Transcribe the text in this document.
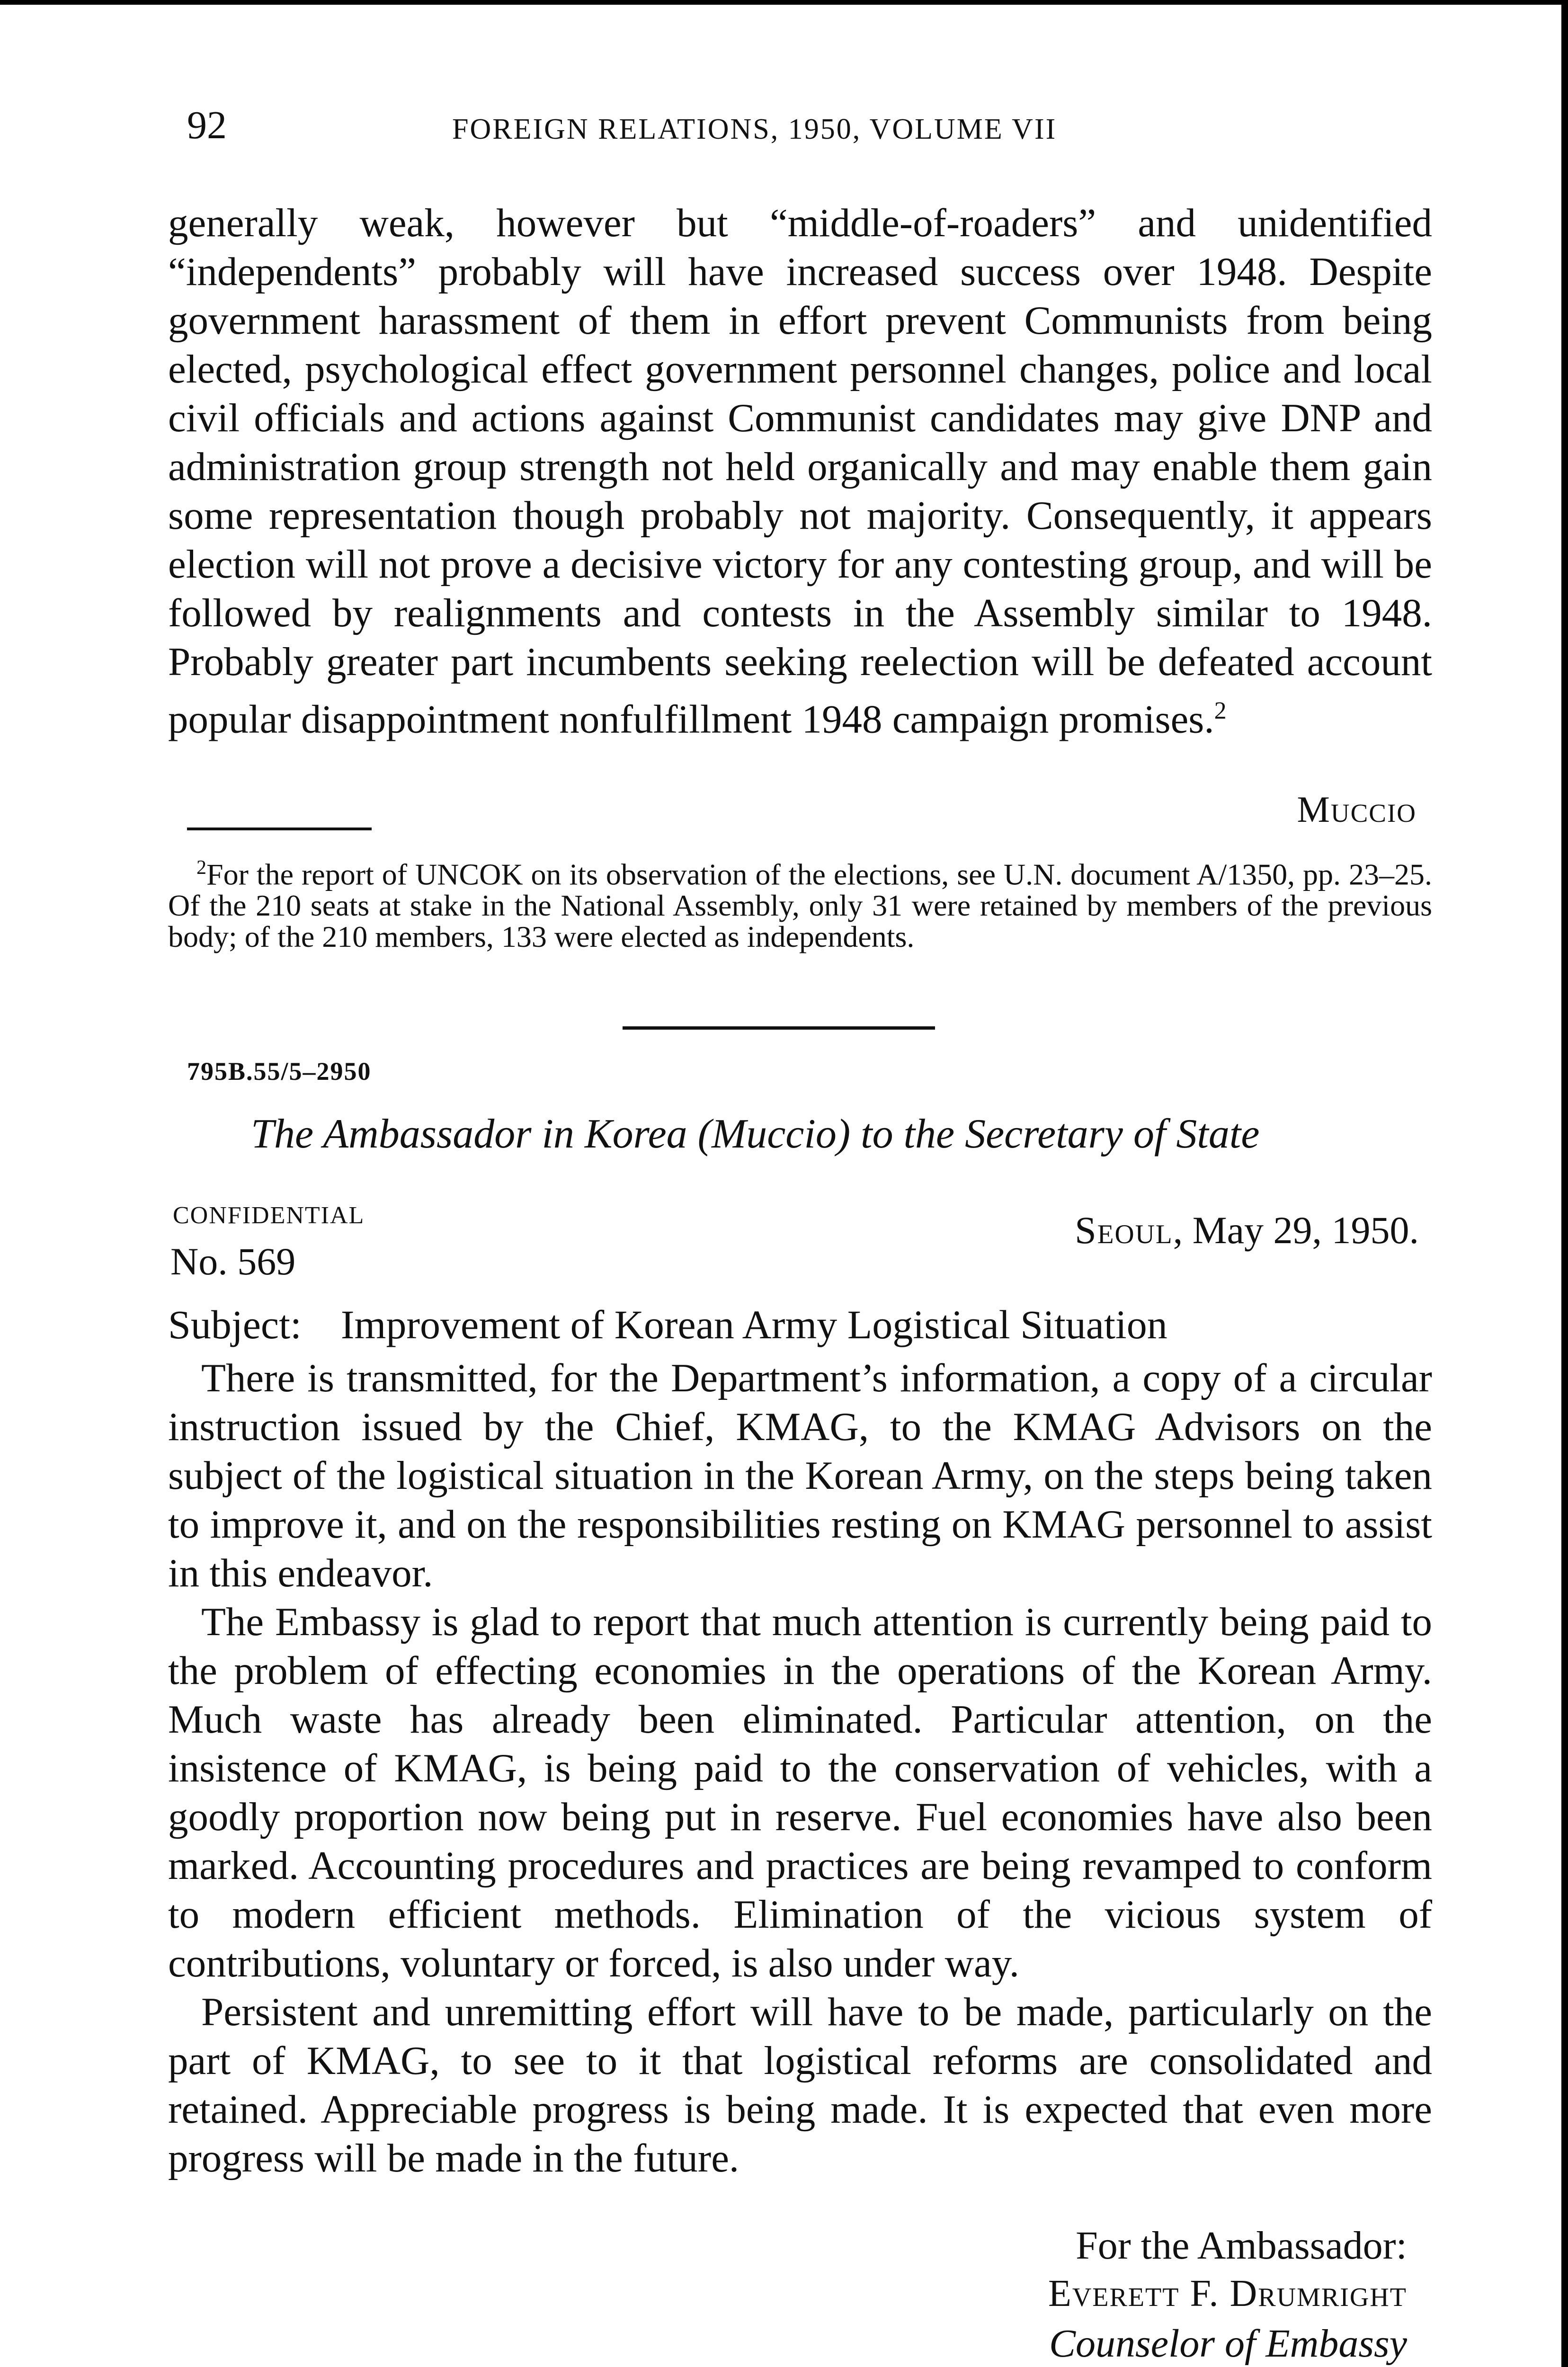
92	FOREIGN RELATIONS, 1950, VOLUME VII

generally weak, however but “middle-of-roaders” and unidentified “independents” probably will have increased success over 1948. Despite government harassment of them in effort prevent Communists from being elected, psychological effect government personnel changes, police and local civil officials and actions against Communist candidates may give DNP and administration group strength not held organically and may enable them gain some representation though probably not majority. Consequently, it appears election will not prove a decisive victory for any contesting group, and will be followed by realignments and contests in the Assembly similar to 1948. Probably greater part incumbents seeking reelection will be defeated account popular disappointment nonfulfillment 1948 campaign promises.$^2$

Muccio
$^2$For the report of UNCOK on its observation of the elections, see U.N. document A/1350, pp. 23–25. Of the 210 seats at stake in the National Assembly, only 31 were retained by members of the previous body; of the 210 members, 133 were elected as independents.
795B.55/5–2950
The Ambassador in Korea (Muccio) to the Secretary of State
CONFIDENTIAL	Seoul, May 29, 1950.
No. 569
Subject: Improvement of Korean Army Logistical Situation

There is transmitted, for the Department’s information, a copy of a circular instruction issued by the Chief, KMAG, to the KMAG Advisors on the subject of the logistical situation in the Korean Army, on the steps being taken to improve it, and on the responsibilities resting on KMAG personnel to assist in this endeavor.

The Embassy is glad to report that much attention is currently being paid to the problem of effecting economies in the operations of the Korean Army. Much waste has already been eliminated. Particular attention, on the insistence of KMAG, is being paid to the conservation of vehicles, with a goodly proportion now being put in reserve. Fuel economies have also been marked. Accounting procedures and practices are being revamped to conform to modern efficient methods. Elimination of the vicious system of contributions, voluntary or forced, is also under way.

Persistent and unremitting effort will have to be made, particularly on the part of KMAG, to see to it that logistical reforms are consolidated and retained. Appreciable progress is being made. It is expected that even more progress will be made in the future.

For the Ambassador:
Everett F. Drumright
Counselor of Embassy
